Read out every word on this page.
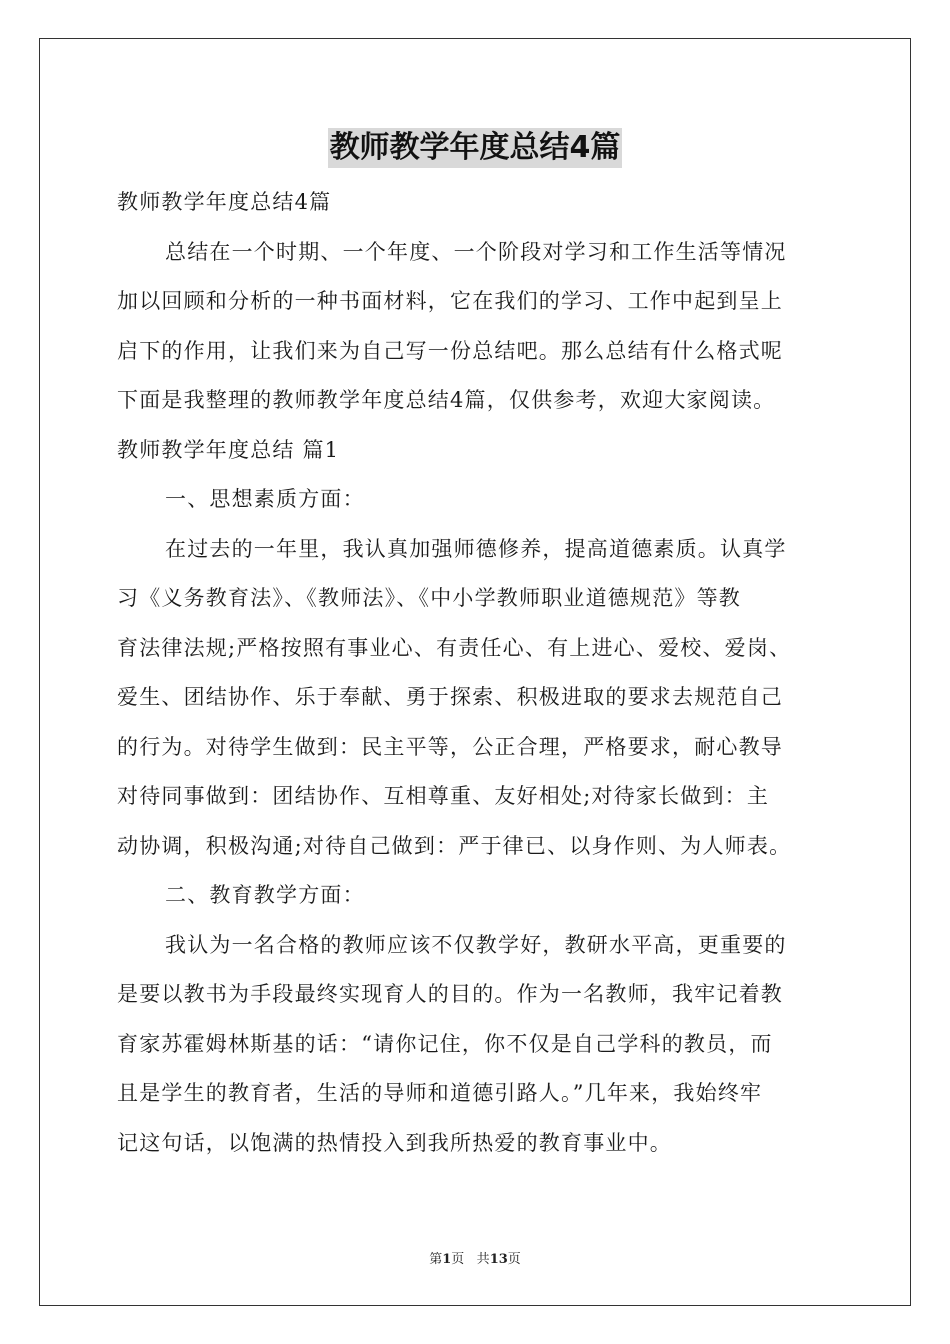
教师教学年度总结4篇

教师教学年度总结4篇

总结在一个时期、一个年度、一个阶段对学习和工作生活等情况

加以回顾和分析的一种书面材料，它在我们的学习、工作中起到呈上

启下的作用，让我们来为自己写一份总结吧。那么总结有什么格式呢

下面是我整理的教师教学年度总结4篇，仅供参考，欢迎大家阅读。

教师教学年度总结 篇1

一、思想素质方面：

在过去的一年里，我认真加强师德修养，提高道德素质。认真学

习《义务教育法》、《教师法》、《中小学教师职业道德规范》等教

育法律法规;严格按照有事业心、有责任心、有上进心、爱校、爱岗、

爱生、团结协作、乐于奉献、勇于探索、积极进取的要求去规范自己

的行为。对待学生做到：民主平等，公正合理，严格要求，耐心教导

对待同事做到：团结协作、互相尊重、友好相处;对待家长做到：主

动协调，积极沟通;对待自己做到：严于律已、以身作则、为人师表。

二、教育教学方面：

我认为一名合格的教师应该不仅教学好，教研水平高，更重要的

是要以教书为手段最终实现育人的目的。作为一名教师，我牢记着教

育家苏霍姆林斯基的话：“请你记住，你不仅是自己学科的教员，而

且是学生的教育者，生活的导师和道德引路人。”几年来，我始终牢

记这句话，以饱满的热情投入到我所热爱的教育事业中。

第1页 共13页
